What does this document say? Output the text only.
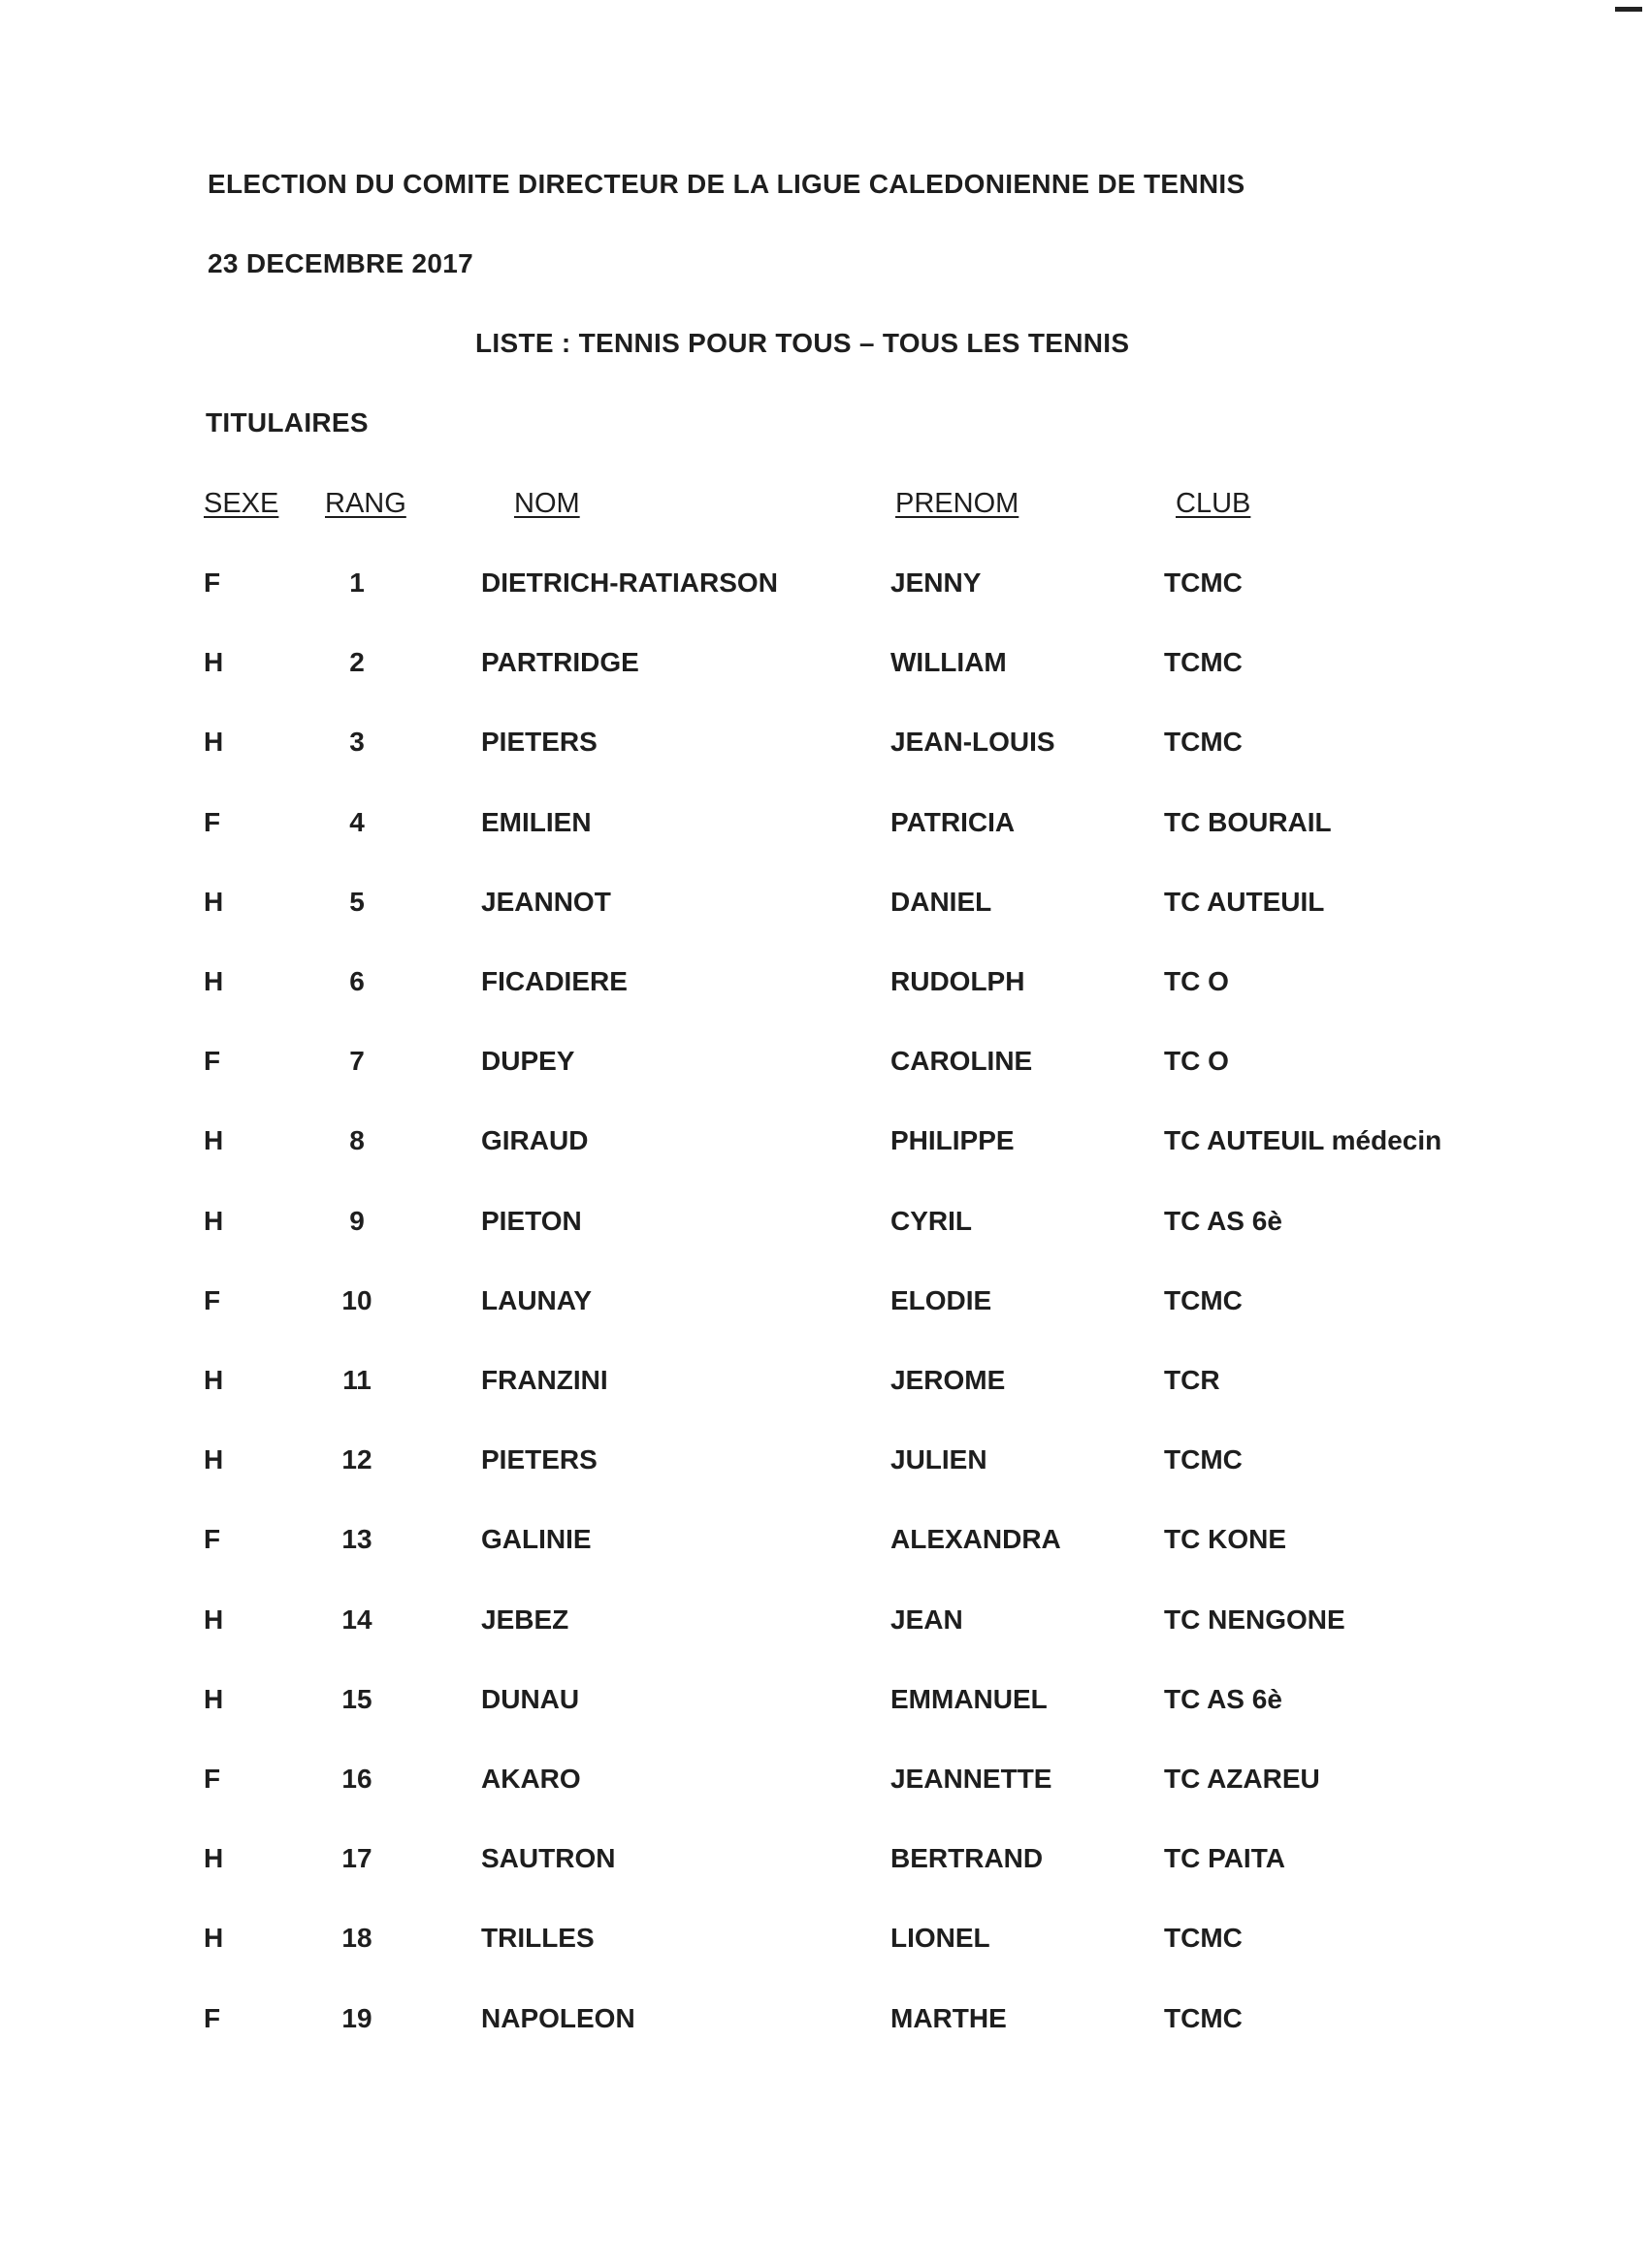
ELECTION DU COMITE DIRECTEUR DE LA LIGUE CALEDONIENNE DE TENNIS
23 DECEMBRE 2017
LISTE : TENNIS POUR TOUS – TOUS LES TENNIS
TITULAIRES
SEXE RANG	NOM	PRENOM	CLUB
F	1	DIETRICH-RATIARSON	JENNY	TCMC
H	2	PARTRIDGE	WILLIAM	TCMC
H	3	PIETERS	JEAN-LOUIS	TCMC
F	4	EMILIEN	PATRICIA	TC BOURAIL
H	5	JEANNOT	DANIEL	TC AUTEUIL
H	6	FICADIERE	RUDOLPH	TC O
F	7	DUPEY	CAROLINE	TC O
H	8	GIRAUD	PHILIPPE	TC AUTEUIL médecin
H	9	PIETON	CYRIL	TC AS 6è
F	10	LAUNAY	ELODIE	TCMC
H	11	FRANZINI	JEROME	TCR
H	12	PIETERS	JULIEN	TCMC
F	13	GALINIE	ALEXANDRA	TC KONE
H	14	JEBEZ	JEAN	TC NENGONE
H	15	DUNAU	EMMANUEL	TC AS 6è
F	16	AKARO	JEANNETTE	TC AZAREU
H	17	SAUTRON	BERTRAND	TC PAITA
H	18	TRILLES	LIONEL	TCMC
F	19	NAPOLEON	MARTHE	TCMC
